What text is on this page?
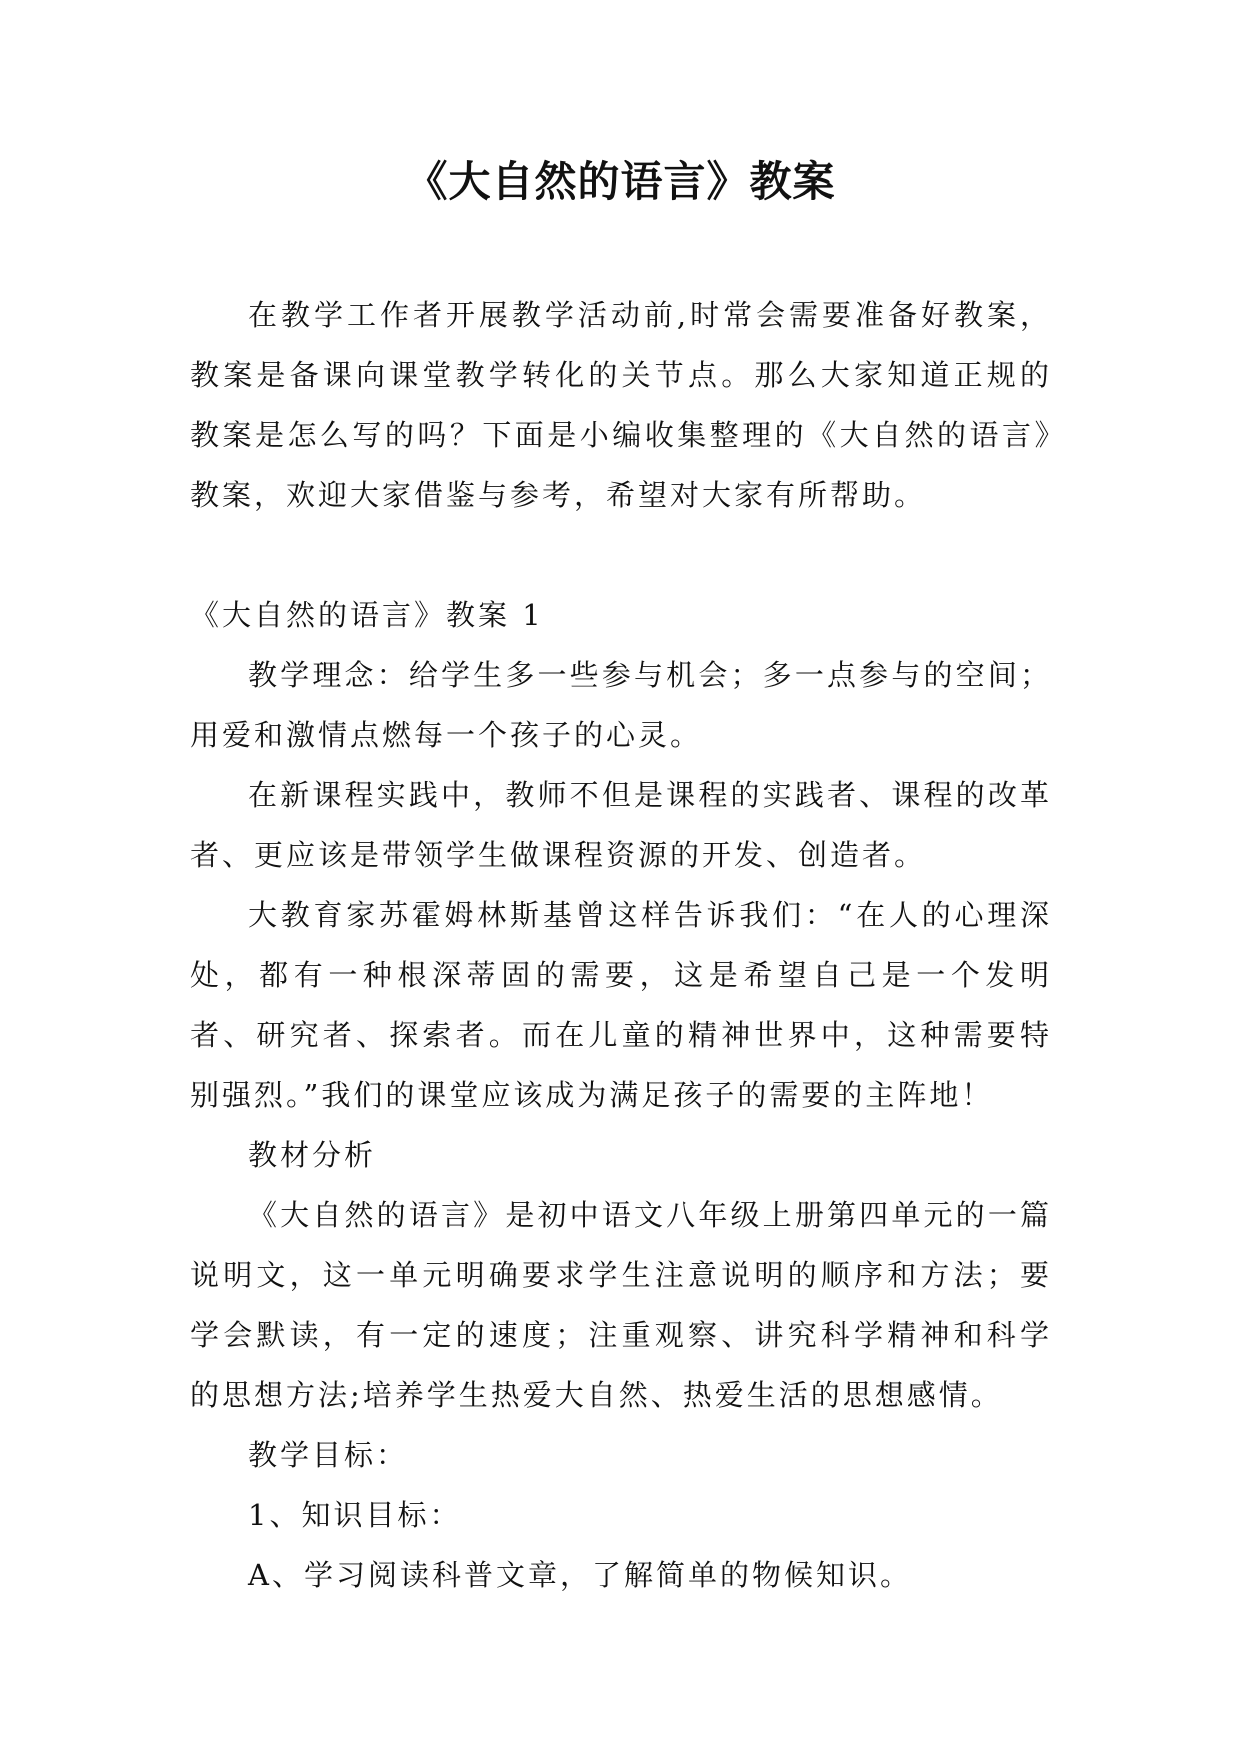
《大自然的语言》教案

在教学工作者开展教学活动前,时常会需要准备好教案，教案是备课向课堂教学转化的关节点。那么大家知道正规的教案是怎么写的吗？下面是小编收集整理的《大自然的语言》教案，欢迎大家借鉴与参考，希望对大家有所帮助。

《大自然的语言》教案 1

教学理念：给学生多一些参与机会；多一点参与的空间；用爱和激情点燃每一个孩子的心灵。

在新课程实践中，教师不但是课程的实践者、课程的改革者、更应该是带领学生做课程资源的开发、创造者。

大教育家苏霍姆林斯基曾这样告诉我们：“在人的心理深处，都有一种根深蒂固的需要，这是希望自己是一个发明者、研究者、探索者。而在儿童的精神世界中，这种需要特别强烈。”我们的课堂应该成为满足孩子的需要的主阵地！

教材分析

《大自然的语言》是初中语文八年级上册第四单元的一篇说明文，这一单元明确要求学生注意说明的顺序和方法；要学会默读，有一定的速度；注重观察、讲究科学精神和科学的思想方法;培养学生热爱大自然、热爱生活的思想感情。

教学目标：

1、知识目标：

A、学习阅读科普文章，了解简单的物候知识。
